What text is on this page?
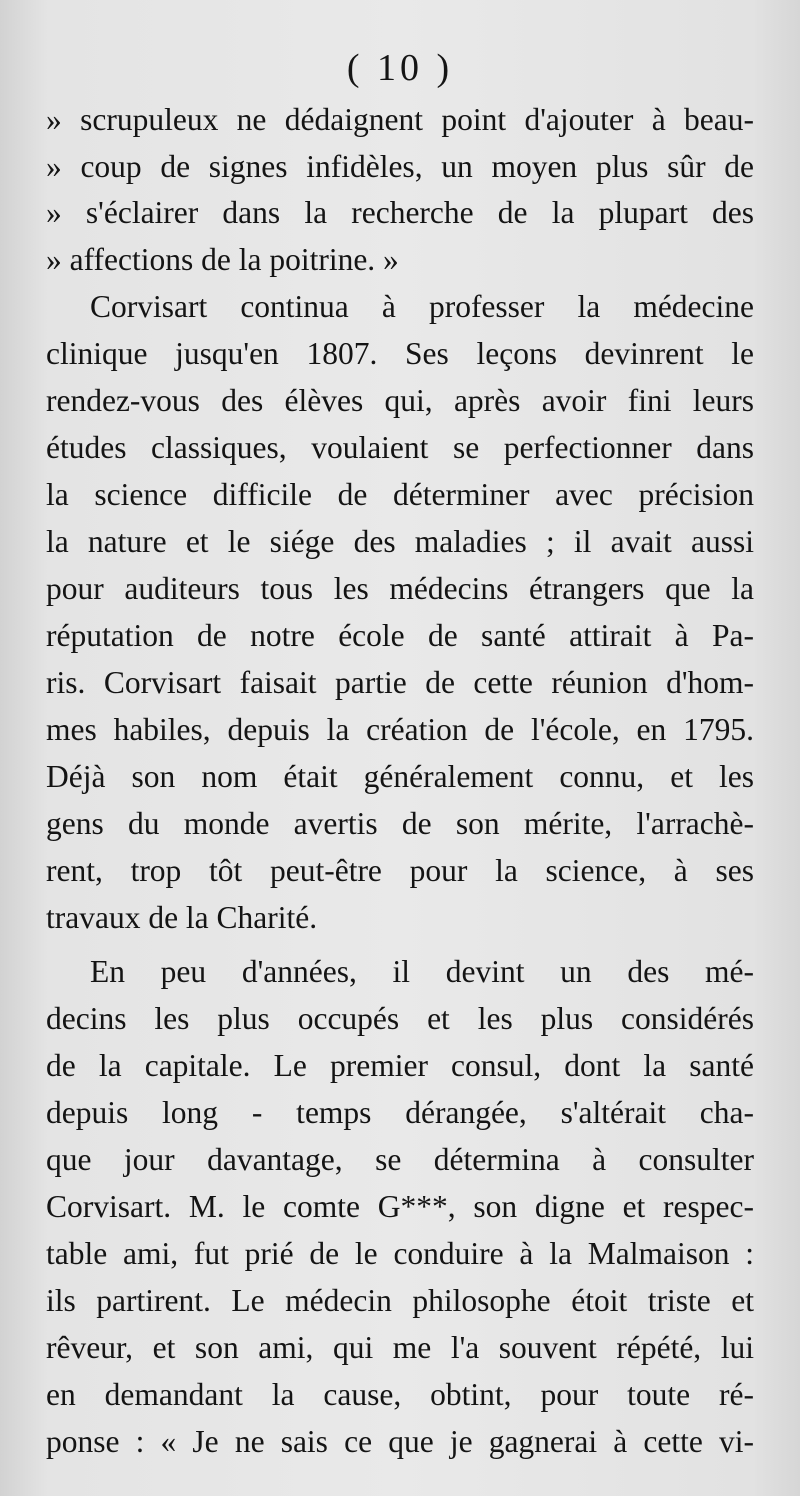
( 10 )
» scrupuleux ne dédaignent point d'ajouter à beau-
» coup de signes infidèles, un moyen plus sûr de
» s'éclairer dans la recherche de la plupart des
» affections de la poitrine. »
Corvisart continua à professer la médecine
clinique jusqu'en 1807. Ses leçons devinrent le
rendez-vous des élèves qui, après avoir fini leurs
études classiques, voulaient se perfectionner dans
la science difficile de déterminer avec précision
la nature et le siége des maladies ; il avait aussi
pour auditeurs tous les médecins étrangers que la
réputation de notre école de santé attirait à Pa-
ris. Corvisart faisait partie de cette réunion d'hom-
mes habiles, depuis la création de l'école, en 1795.
Déjà son nom était généralement connu, et les
gens du monde avertis de son mérite, l'arrachè-
rent, trop tôt peut-être pour la science, à ses
travaux de la Charité.
En peu d'années, il devint un des mé-
decins les plus occupés et les plus considérés
de la capitale. Le premier consul, dont la santé
depuis long - temps dérangée, s'altérait cha-
que jour davantage, se détermina à consulter
Corvisart. M. le comte G***, son digne et respec-
table ami, fut prié de le conduire à la Malmaison :
ils partirent. Le médecin philosophe étoit triste et
rêveur, et son ami, qui me l'a souvent répété, lui
en demandant la cause, obtint, pour toute ré-
ponse : « Je ne sais ce que je gagnerai à cette vi-
